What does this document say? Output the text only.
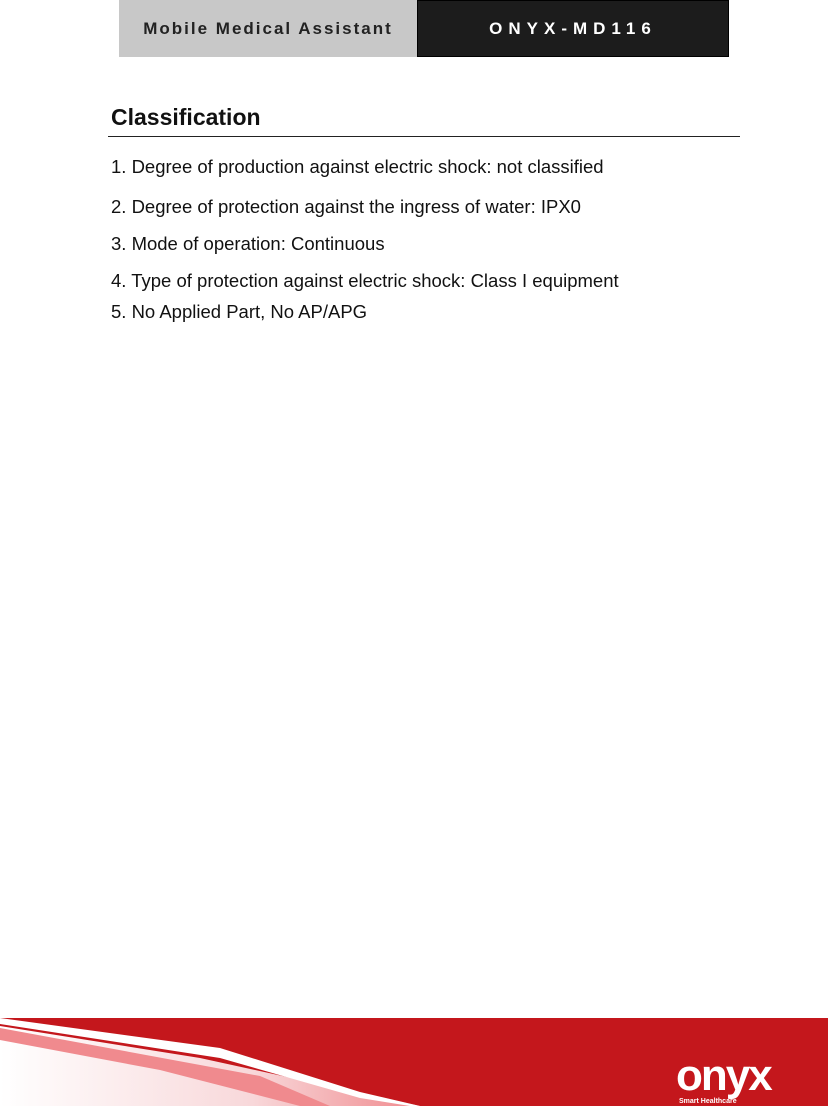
Mobile Medical Assistant	ONYX-MD116
Classification
1. Degree of production against electric shock: not classified
2. Degree of protection against the ingress of water: IPX0
3. Mode of operation: Continuous
4. Type of protection against electric shock: Class I equipment
5. No Applied Part, No AP/APG
onyx
Smart Healthcare
